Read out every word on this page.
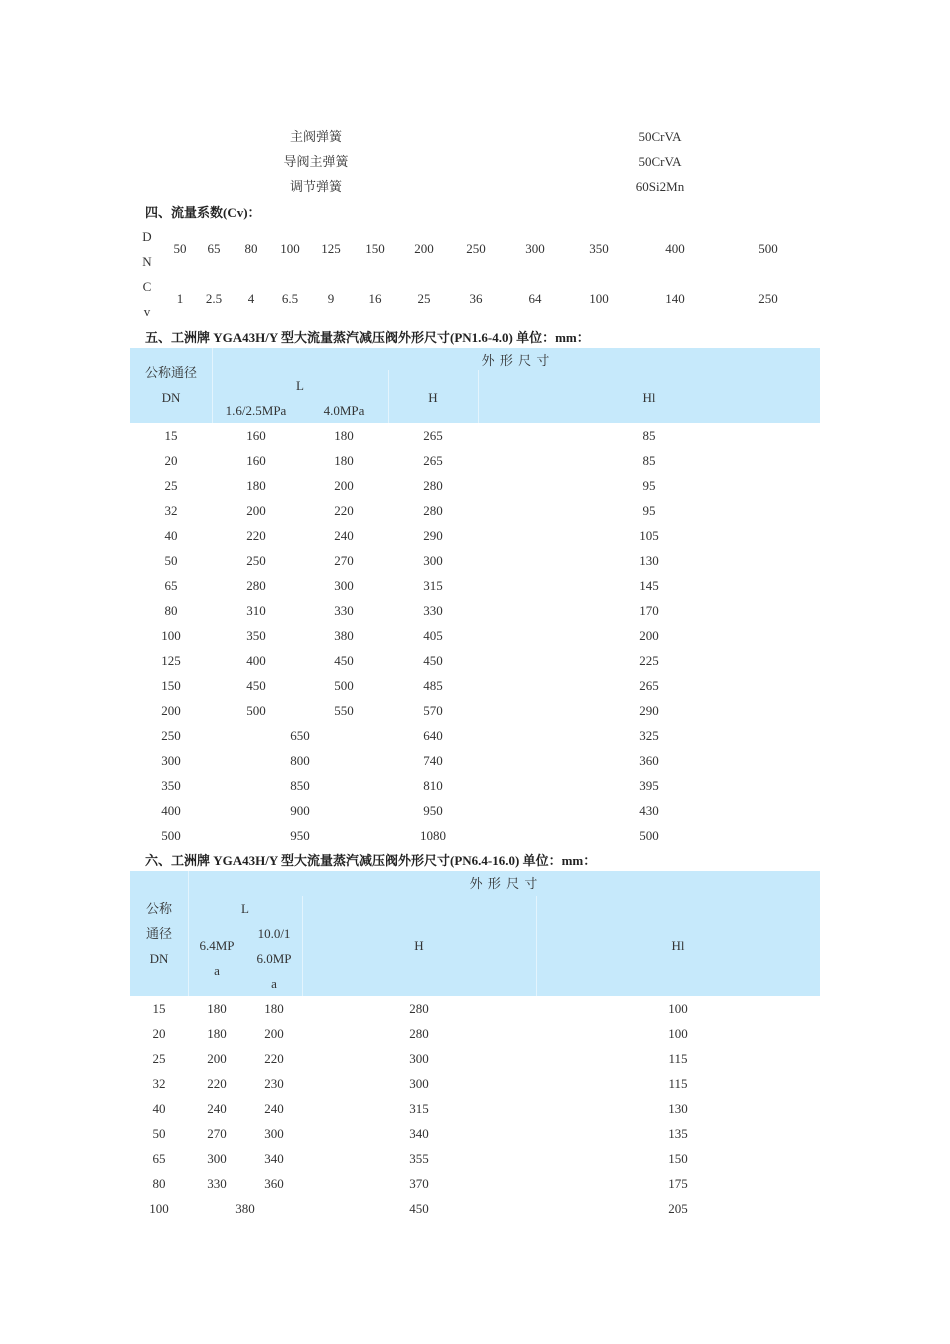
主阀弹簧	50CrVA
导阀主弹簧	50CrVA
调节弹簧	60Si2Mn
四、流量系数(Cv)：
D
N
50	65	80	100	125	150	200	250	300	350	400	500
C
v
1	2.5	4	6.5	9	16	25	36	64	100	140	250
五、工洲牌 YGA43H/Y 型大流量蒸汽减压阀外形尺寸(PN1.6-4.0) 单位：mm：
公称通径
DN
外 形 尺 寸
L
1.6/2.5MPa	4.0MPa
H	Hl
15	160	180	265	85
20	160	180	265	85
25	180	200	280	95
32	200	220	280	95
40	220	240	290	105
50	250	270	300	130
65	280	300	315	145
80	310	330	330	170
100	350	380	405	200
125	400	450	450	225
150	450	500	485	265
200	500	550	570	290
250	650	640	325
300	800	740	360
350	850	810	395
400	900	950	430
500	950	1080	500
六、工洲牌 YGA43H/Y 型大流量蒸汽减压阀外形尺寸(PN6.4-16.0) 单位：mm：
公称
通径
DN
外 形 尺 寸
L
6.4MP
a
10.0/1
6.0MP
a
H	Hl
15	180	180	280	100
20	180	200	280	100
25	200	220	300	115
32	220	230	300	115
40	240	240	315	130
50	270	300	340	135
65	300	340	355	150
80	330	360	370	175
100	380	450	205
